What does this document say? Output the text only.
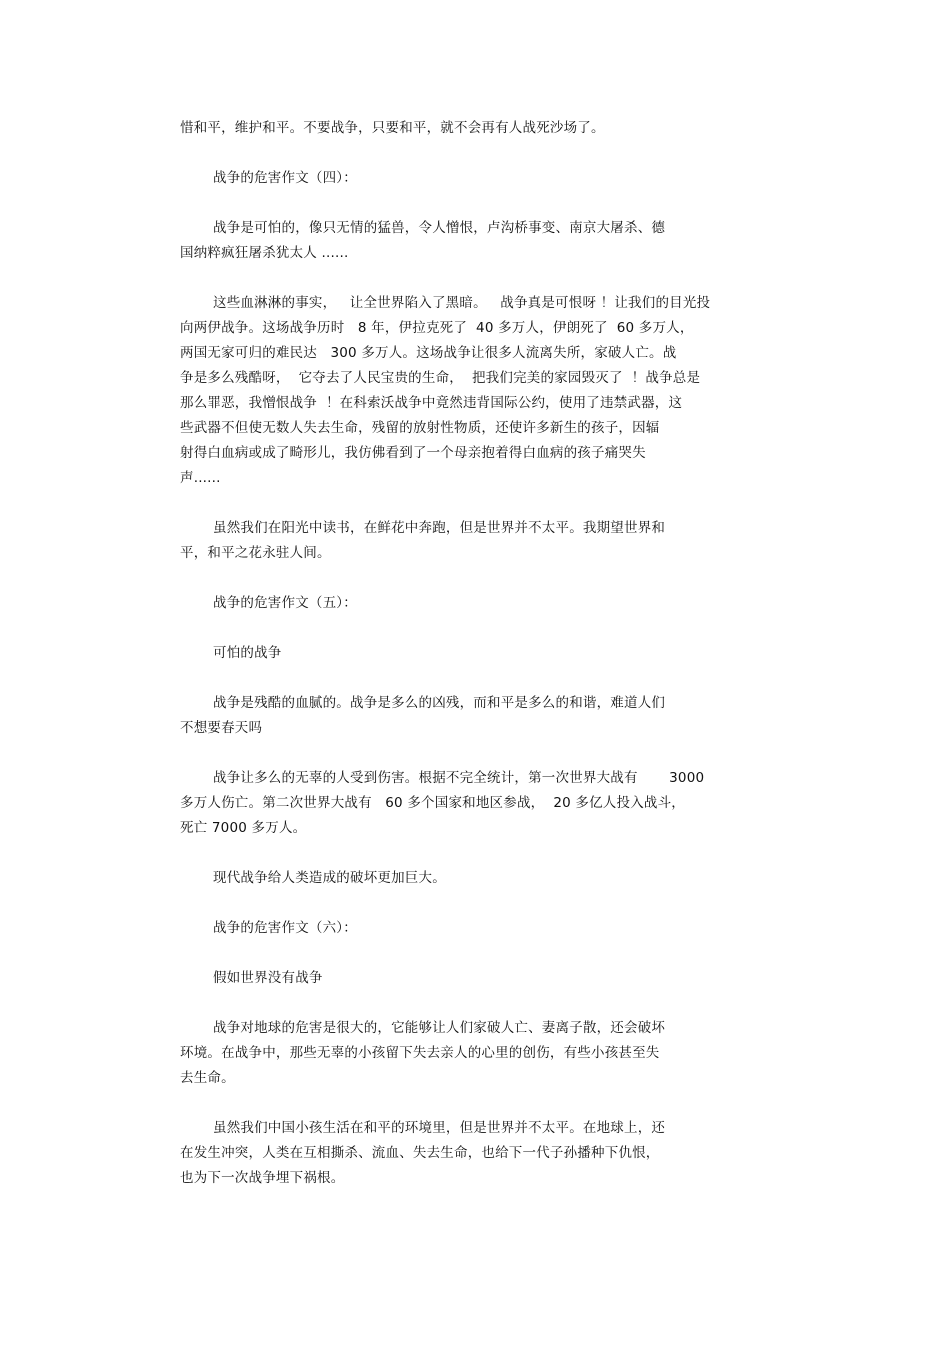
惜和平，维护和平。不要战争，只要和平，就不会再有人战死沙场了。
战争的危害作文（四）：
战争是可怕的，像只无情的猛兽，令人憎恨，卢沟桥事变、南京大屠杀、德
国纳粹疯狂屠杀犹太人 ......
这些血淋淋的事实，   让全世界陷入了黑暗。   战争真是可恨呀 ！让我们的目光投
向两伊战争。这场战争历时   8 年，伊拉克死了  40 多万人，伊朗死了  60 多万人，
两国无家可归的难民达   300 多万人。这场战争让很多人流离失所，家破人亡。战
争是多么残酷呀，  它夺去了人民宝贵的生命，  把我们完美的家园毁灭了  ！战争总是
那么罪恶，我憎恨战争  ！在科索沃战争中竟然违背国际公约，使用了违禁武器，这
些武器不但使无数人失去生命，残留的放射性物质，还使许多新生的孩子，因辐
射得白血病或成了畸形儿，我仿佛看到了一个母亲抱着得白血病的孩子痛哭失
声......
虽然我们在阳光中读书，在鲜花中奔跑，但是世界并不太平。我期望世界和
平，和平之花永驻人间。
战争的危害作文（五）：
可怕的战争
战争是残酷的血腻的。战争是多么的凶残，而和平是多么的和谐，难道人们
不想要春天吗
战争让多么的无辜的人受到伤害。根据不完全统计，第一次世界大战有       3000
多万人伤亡。第二次世界大战有   60 多个国家和地区参战，  20 多亿人投入战斗，
死亡 7000 多万人。
现代战争给人类造成的破坏更加巨大。
战争的危害作文（六）：
假如世界没有战争
战争对地球的危害是很大的，它能够让人们家破人亡、妻离子散，还会破坏
环境。在战争中，那些无辜的小孩留下失去亲人的心里的创伤，有些小孩甚至失
去生命。
虽然我们中国小孩生活在和平的环境里，但是世界并不太平。在地球上，还
在发生冲突，人类在互相撕杀、流血、失去生命，也给下一代子孙播种下仇恨，
也为下一次战争埋下祸根。
